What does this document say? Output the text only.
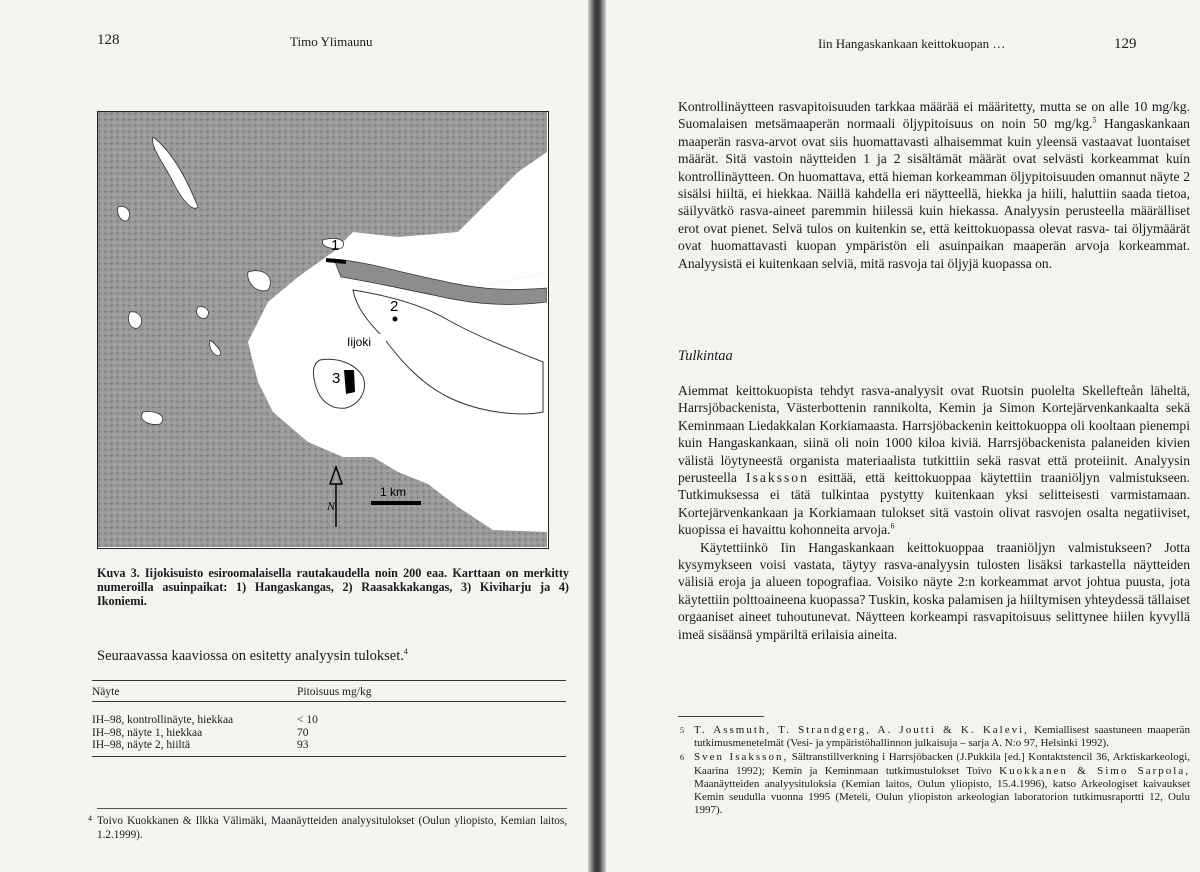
128	Timo Ylimaunu
1
2
3
Iijoki
N
1 km
Kuva 3. Iijokisuisto esiroomalaisella rautakaudella noin 200 eaa. Karttaan on merkitty numeroilla asuinpaikat: 1) Hangaskangas, 2) Raasakkakangas, 3) Kiviharju ja 4) Ikoniemi.
Seuraavassa kaaviossa on esitetty analyysin tulokset.$^4$
Näyte	Pitoisuus mg/kg
IH–98, kontrollinäyte, hiekkaa	< 10
IH–98, näyte 1, hiekkaa	70
IH–98, näyte 2, hiiltä	93
4 Toivo Kuokkanen & Ilkka Välimäki, Maanäytteiden analyysitulokset (Oulun yliopisto, Kemian laitos, 1.2.1999).
Iin Hangaskankaan keittokuopan …	129
Kontrollinäytteen rasvapitoisuuden tarkkaa määrää ei määritetty, mutta se on alle 10 mg/kg. Suomalaisen metsämaaperän normaali öljypitoisuus on noin 50 mg/kg.$^5$ Hangaskankaan maaperän rasva-arvot ovat siis huomattavasti alhaisemmat kuin yleensä vastaavat luontaiset määrät. Sitä vastoin näytteiden 1 ja 2 sisältämät määrät ovat selvästi korkeammat kuin kontrollinäytteen. On huomattava, että hieman korkeamman öljypitoisuuden omannut näyte 2 sisälsi hiiltä, ei hiekkaa. Näillä kahdella eri näytteellä, hiekka ja hiili, haluttiin saada tietoa, säilyvätkö rasva-aineet paremmin hiilessä kuin hiekassa. Analyysin perusteella määrälliset erot ovat pienet. Selvä tulos on kuitenkin se, että keittokuopassa olevat rasva- tai öljymäärät ovat huomattavasti kuopan ympäristön eli asuinpaikan maaperän arvoja korkeammat. Analyysistä ei kuitenkaan selviä, mitä rasvoja tai öljyjä kuopassa on.
Tulkintaa

Aiemmat keittokuopista tehdyt rasva-analyysit ovat Ruotsin puolelta Skellefteån läheltä, Harrsjöbackenista, Västerbottenin rannikolta, Kemin ja Simon Kortejärvenkankaalta sekä Keminmaan Liedakkalan Korkiamaasta. Harrsjöbackenin keittokuoppa oli kooltaan pienempi kuin Hangaskankaan, siinä oli noin 1000 kiloa kiviä. Harrsjöbackenista palaneiden kivien välistä löytyneestä organista materiaalista tutkittiin sekä rasvat että proteiinit. Analyysin perusteella Isaksson esittää, että keittokuoppaa käytettiin traaniöljyn valmistukseen. Tutkimuksessa ei tätä tulkintaa pystytty kuitenkaan yksi selitteisesti varmistamaan. Kortejärvenkankaan ja Korkiamaan tulokset sitä vastoin olivat rasvojen osalta negatiiviset, kuopissa ei havaittu kohonneita arvoja.$^6$

Käytettiinkö Iin Hangaskankaan keittokuoppaa traaniöljyn valmistukseen? Jotta kysymykseen voisi vastata, täytyy rasva-analyysin tulosten lisäksi tarkastella näytteiden välisiä eroja ja alueen topografiaa. Voisiko näyte 2:n korkeammat arvot johtua puusta, jota käytettiin polttoaineena kuopassa? Tuskin, koska palamisen ja hiiltymisen yhteydessä tällaiset orgaaniset aineet tuhoutunevat. Näytteen korkeampi rasvapitoisuus selittynee hiilen kyvyllä imeä sisäänsä ympäriltä erilaisia aineita.

5 T. Assmuth, T. Strandgerg, A. Joutti & K. Kalevi, Kemiallisest saastuneen maaperän tutkimusmenetelmät (Vesi- ja ympäristöhallinnon julkaisuja – sarja A. N:o 97, Helsinki 1992).

6 Sven Isaksson, Sältranstillverkning i Harrsjöbacken (J.Pukkila [ed.] Kontaktstencil 36, Arktiskarkeologi, Kaarina 1992); Kemin ja Keminmaan tutkimustulokset Toivo Kuokkanen & Simo Sarpola, Maanäytteiden analyysituloksia (Kemian laitos, Oulun yliopisto, 15.4.1996), katso Arkeologiset kaivaukset Kemin seudulla vuonna 1995 (Meteli, Oulun yliopiston arkeologian laboratorion tutkimusraportti 12, Oulu 1997).
